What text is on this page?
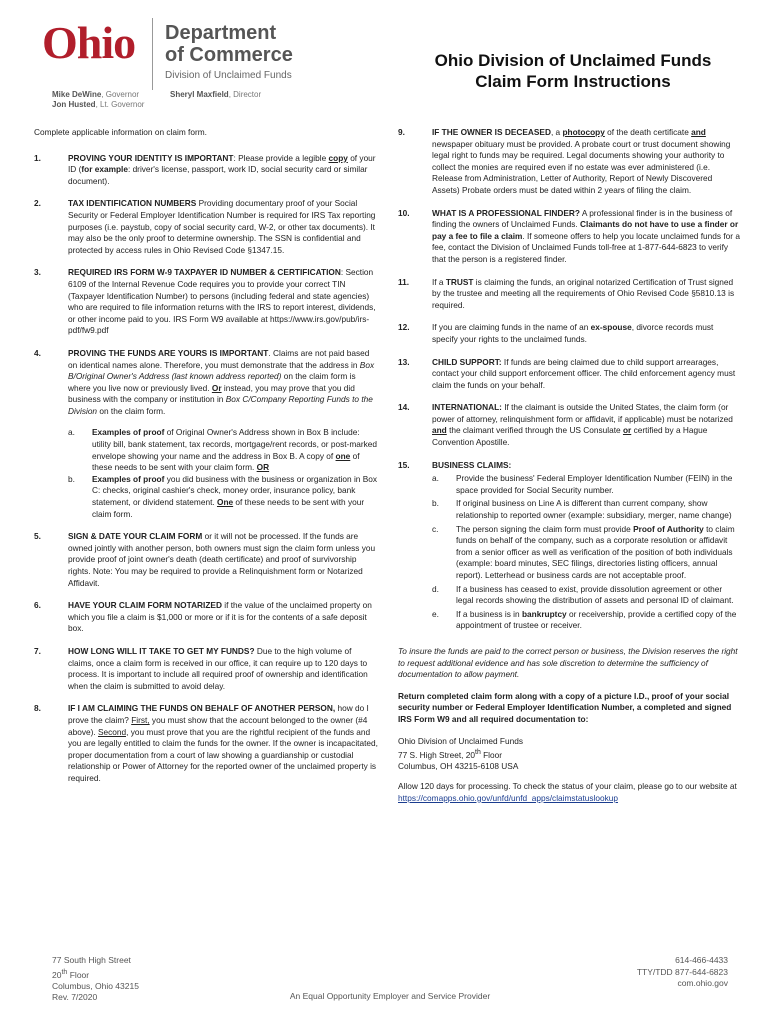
Ohio Department
of Commerce
Division of Unclaimed Funds
Mike DeWine, Governor
Jon Husted, Lt. Governor
Sheryl Maxfield, Director
Ohio Division of Unclaimed Funds
Claim Form Instructions
Complete applicable information on claim form.
1.	PROVING YOUR IDENTITY IS IMPORTANT: Please provide a legible copy of your ID (for example: driver's license, passport, work ID, social security card or similar document).
2.	TAX IDENTIFICATION NUMBERS Providing documentary proof of your Social Security or Federal Employer Identification Number is required for IRS Tax reporting purposes (i.e. paystub, copy of social security card, W-2, or other tax documents). It may also be the only proof to determine ownership. The SSN is confidential and protected by access rules in Ohio Revised Code §1347.15.
3.	REQUIRED IRS FORM W-9 TAXPAYER ID NUMBER & CERTIFICATION: Section 6109 of the Internal Revenue Code requires you to provide your correct TIN (Taxpayer Identification Number) to persons (including federal and state agencies) who are required to file information returns with the IRS to report interest, dividends, or other income paid to you. IRS Form W9 available at https://www.irs.gov/pub/irs-pdf/fw9.pdf
4.	PROVING THE FUNDS ARE YOURS IS IMPORTANT. Claims are not paid based on identical names alone. Therefore, you must demonstrate that the address in Box B/Original Owner's Address (last known address reported) on the claim form is where you live now or previously lived. Or instead, you may prove that you did business with the company or institution in Box C/Company Reporting Funds to the Division on the claim form.
a. Examples of proof of Original Owner's Address shown in Box B include: utility bill, bank statement, tax records, mortgage/rent records, or post-marked envelope showing your name and the address in Box B. A copy of one of these needs to be sent with your claim form. OR
b. Examples of proof you did business with the business or organization in Box C: checks, original cashier's check, money order, insurance policy, bank statement, or dividend statement. One of these needs to be sent with your claim form.
5.	SIGN & DATE YOUR CLAIM FORM or it will not be processed. If the funds are owned jointly with another person, both owners must sign the claim form unless you provide proof of joint owner's death (death certificate) and proof of survivorship rights. Note: You may be required to provide a Relinquishment form or Notarized Affidavit.
6.	HAVE YOUR CLAIM FORM NOTARIZED if the value of the unclaimed property on which you file a claim is $1,000 or more or if it is for the contents of a safe deposit box.
7.	HOW LONG WILL IT TAKE TO GET MY FUNDS? Due to the high volume of claims, once a claim form is received in our office, it can require up to 120 days to process. It is important to include all required proof of ownership and identification when the claim is submitted to avoid delay.
8.	IF I AM CLAIMING THE FUNDS ON BEHALF OF ANOTHER PERSON, how do I prove the claim? First, you must show that the account belonged to the owner (#4 above). Second, you must prove that you are the rightful recipient of the funds and you are legally entitled to claim the funds for the owner. If the owner is incapacitated, proper documentation from a court of law showing a guardianship or custodial relationship or Power of Attorney for the reported owner of the unclaimed property is required.
9.	IF THE OWNER IS DECEASED, a photocopy of the death certificate and newspaper obituary must be provided. A probate court or trust document showing legal right to funds may be required. Legal documents showing your authority to collect the monies are required even if no estate was ever administered (i.e. Release from Administration, Letter of Authority, Report of Newly Discovered Assets) Probate orders must be dated within 2 years of filing the claim.
10.	WHAT IS A PROFESSIONAL FINDER? A professional finder is in the business of finding the owners of Unclaimed Funds. Claimants do not have to use a finder or pay a fee to file a claim. If someone offers to help you locate unclaimed funds for a fee, contact the Division of Unclaimed Funds toll-free at 1-877-644-6823 to verify that the person is a registered finder.
11.	If a TRUST is claiming the funds, an original notarized Certification of Trust signed by the trustee and meeting all the requirements of Ohio Revised Code §5810.13 is required.
12.	If you are claiming funds in the name of an ex-spouse, divorce records must specify your rights to the unclaimed funds.
13.	CHILD SUPPORT: If funds are being claimed due to child support arrearages, contact your child support enforcement officer. The child enforcement agency must claim the funds on your behalf.
14.	INTERNATIONAL: If the claimant is outside the United States, the claim form (or power of attorney, relinquishment form or affidavit, if applicable) must be notarized and the claimant verified through the US Consulate or certified by a Hague Convention Apostille.
15.	BUSINESS CLAIMS:
a. Provide the business' Federal Employer Identification Number (FEIN) in the space provided for Social Security number.
b. If original business on Line A is different than current company, show relationship to reported owner (example: subsidiary, merger, name change)
c. The person signing the claim form must provide Proof of Authority to claim funds on behalf of the company, such as a corporate resolution or affidavit from a senior officer as well as verification of the position of both individuals (example: board minutes, SEC filings, directories listing officers, annual report). Letterhead or business cards are not acceptable proof.
d. If a business has ceased to exist, provide dissolution agreement or other legal records showing the distribution of assets and personal ID of claimant.
e. If a business is in bankruptcy or receivership, provide a certified copy of the appointment of trustee or receiver.
To insure the funds are paid to the correct person or business, the Division reserves the right to request additional evidence and has sole discretion to determine the sufficiency of documentation to allow payment.
Return completed claim form along with a copy of a picture I.D., proof of your social security number or Federal Employer Identification Number, a completed and signed IRS Form W9 and all required documentation to:
Ohio Division of Unclaimed Funds
77 S. High Street, 20th Floor
Columbus, OH 43215-6108 USA
Allow 120 days for processing. To check the status of your claim, please go to our website at https://comapps.ohio.gov/unfd/unfd_apps/claimstatuslookup
77 South High Street
20th Floor
Columbus, Ohio 43215
Rev. 7/2020	An Equal Opportunity Employer and Service Provider
614-466-4433
TTY/TDD 877-644-6823
com.ohio.gov
